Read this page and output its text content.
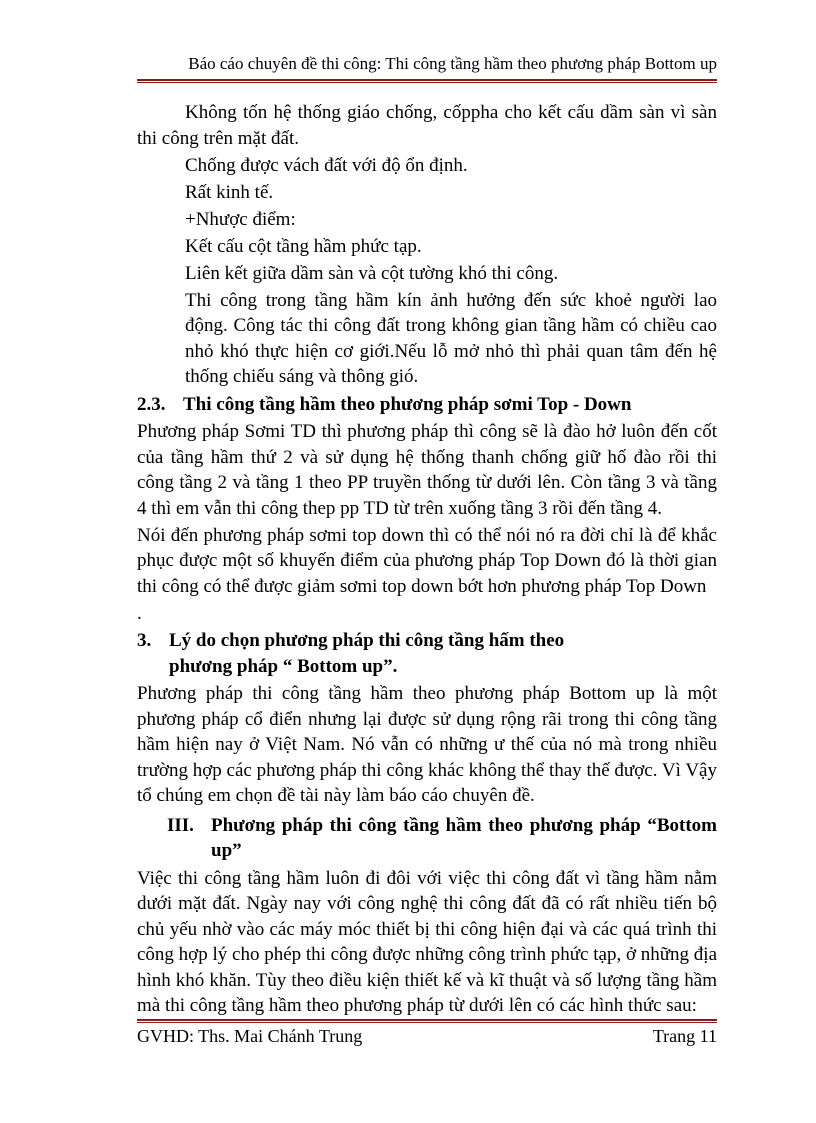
Báo cáo chuyên đề thi công: Thi công tầng hầm theo phương pháp Bottom up

Không tốn hệ thống giáo chống, cốppha cho kết cấu dầm sàn vì sàn thi công trên mặt đất.

Chống được vách đất với độ ổn định.

Rất kinh tế.

+Nhược điểm:

Kết cấu cột tầng hầm phức tạp.

Liên kết giữa dầm sàn và cột tường khó thi công.

Thi công trong tầng hầm kín ảnh hưởng đến sức khoẻ người lao động. Công tác thi công đất trong không gian tầng hầm có chiều cao nhỏ khó thực hiện cơ giới.Nếu lỗ mở nhỏ thì phải quan tâm đến hệ thống chiếu sáng và thông gió.

2.3. Thi công tầng hầm theo phương pháp sơmi Top - Down

Phương pháp Sơmi TD thì phương pháp thì công sẽ là đào hở luôn đến cốt của tầng hầm thứ 2 và sử dụng hệ thống thanh chống giữ hố đào rồi thi công tầng 2 và tầng 1 theo PP truyền thống từ dưới lên. Còn tầng 3 và tầng 4 thì em vẫn thi công thep pp TD từ trên xuống tầng 3 rồi đến tầng 4.

Nói đến phương pháp sơmi top down thì có thể nói nó ra đời chỉ là để khắc phục được một số khuyến điểm của phương pháp Top Down đó là thời gian thi công có thể được giảm sơmi top down bớt hơn phương pháp Top Down

.

3. Lý do chọn phương pháp thi công tầng hấm theo phương pháp “ Bottom up”.

Phương pháp thi công tầng hầm theo phương pháp Bottom up là một phương pháp cổ điển nhưng lại được sử dụng rộng rãi trong thi công tầng hầm hiện nay ở Việt Nam. Nó vẫn có những ư thế của nó mà trong nhiều trường hợp các phương pháp thi công khác không thể thay thế được. Vì Vậy tổ chúng em chọn đề tài này làm báo cáo chuyên đề.

III. Phương pháp thi công tầng hầm theo phương pháp “Bottom up”

Việc thi công tầng hầm luôn đi đôi với việc thi công đất vì tầng hầm nằm dưới mặt đất. Ngày nay với công nghệ thi công đất đã có rất nhiều tiến bộ chủ yếu nhờ vào các máy móc thiết bị thi công hiện đại và các quá trình thi công hợp lý cho phép thi công được những công trình phức tạp, ở những địa hình khó khăn. Tùy theo điều kiện thiết kế và kĩ thuật và số lượng tầng hầm mà thi công tầng hầm theo phương pháp từ dưới lên có các hình thức sau:

GVHD: Ths. Mai Chánh Trung	Trang 11
